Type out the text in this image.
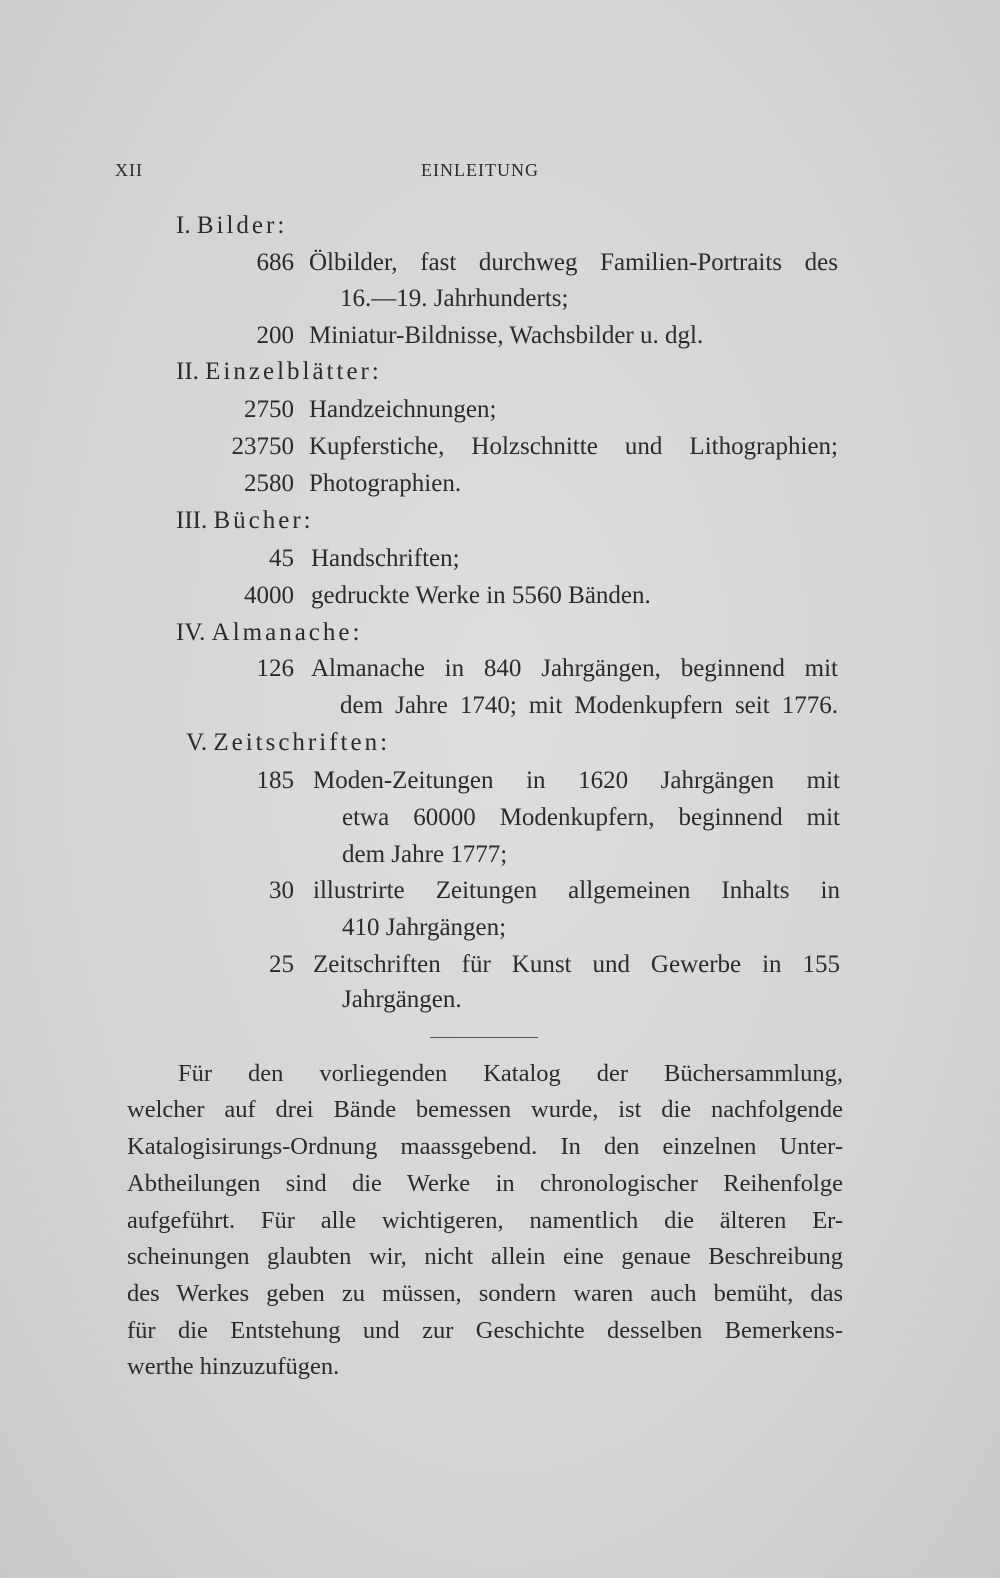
XII	EINLEITUNG
I. Bilder:
686 Ölbilder, fast durchweg Familien-Portraits des
16.—19. Jahrhunderts;
200 Miniatur-Bildnisse, Wachsbilder u. dgl.
II. Einzelblätter:
2750 Handzeichnungen;
23750 Kupferstiche, Holzschnitte und Lithographien;
2580 Photographien.
III. Bücher:
45 Handschriften;
4000 gedruckte Werke in 5560 Bänden.
IV. Almanache:
126 Almanache in 840 Jahrgängen, beginnend mit
dem Jahre 1740; mit Modenkupfern seit 1776.
V. Zeitschriften:
185 Moden-Zeitungen in 1620 Jahrgängen mit
etwa 60000 Modenkupfern, beginnend mit
dem Jahre 1777;
30 illustrirte Zeitungen allgemeinen Inhalts in
410 Jahrgängen;
25 Zeitschriften für Kunst und Gewerbe in 155
Jahrgängen.
Für den vorliegenden Katalog der Büchersammlung,
welcher auf drei Bände bemessen wurde, ist die nachfolgende
Katalogisirungs-Ordnung maassgebend. In den einzelnen Unter-
Abtheilungen sind die Werke in chronologischer Reihenfolge
aufgeführt. Für alle wichtigeren, namentlich die älteren Er-
scheinungen glaubten wir, nicht allein eine genaue Beschreibung
des Werkes geben zu müssen, sondern waren auch bemüht, das
für die Entstehung und zur Geschichte desselben Bemerkens-
werthe hinzuzufügen.
